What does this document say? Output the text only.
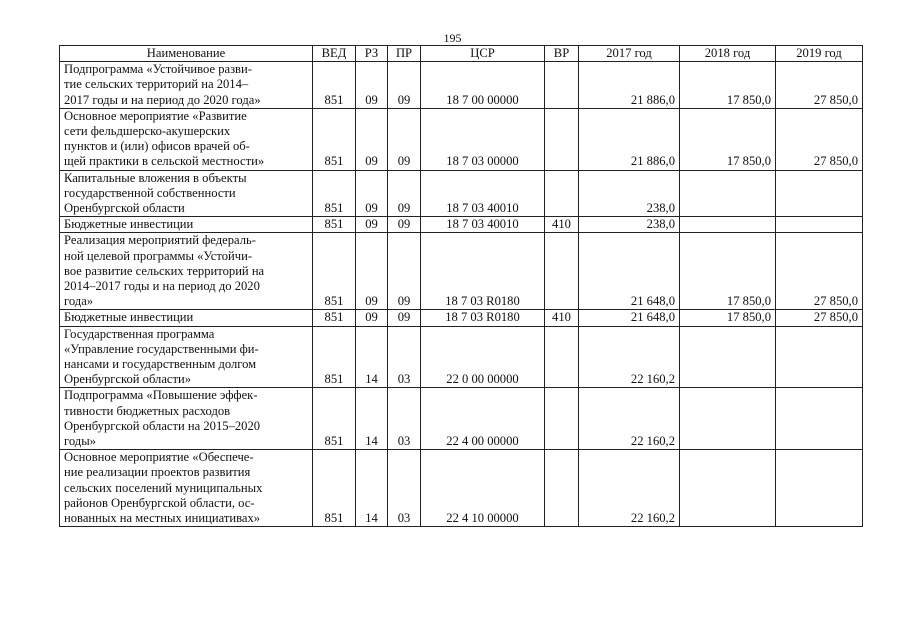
195
Наименование	ВЕД	РЗ	ПР	ЦСР	ВР	2017 год	2018 год	2019 год

Подпрограмма «Устойчивое разви-
тие сельских территорий на 2014–
2017 годы и на период до 2020 года»	851	09	09	18 7 00 00000		21 886,0	17 850,0	27 850,0

Основное мероприятие «Развитие
сети фельдшерско-акушерских
пунктов и (или) офисов врачей об-
щей практики в сельской местности»	851	09	09	18 7 03 00000		21 886,0	17 850,0	27 850,0

Капитальные вложения в объекты
государственной собственности
Оренбургской области	851	09	09	18 7 03 40010		238,0		

Бюджетные инвестиции	851	09	09	18 7 03 40010	410	238,0		

Реализация мероприятий федераль-
ной целевой программы «Устойчи-
вое развитие сельских территорий на
2014–2017 годы и на период до 2020
года»	851	09	09	18 7 03 R0180		21 648,0	17 850,0	27 850,0

Бюджетные инвестиции	851	09	09	18 7 03 R0180	410	21 648,0	17 850,0	27 850,0

Государственная программа
«Управление государственными фи-
нансами и государственным долгом
Оренбургской области»	851	14	03	22 0 00 00000		22 160,2		

Подпрограмма «Повышение эффек-
тивности бюджетных расходов
Оренбургской области на 2015–2020
годы»	851	14	03	22 4 00 00000		22 160,2		

Основное мероприятие «Обеспече-
ние реализации проектов развития
сельских поселений муниципальных
районов Оренбургской области, ос-
нованных на местных инициативах»	851	14	03	22 4 10 00000		22 160,2		
